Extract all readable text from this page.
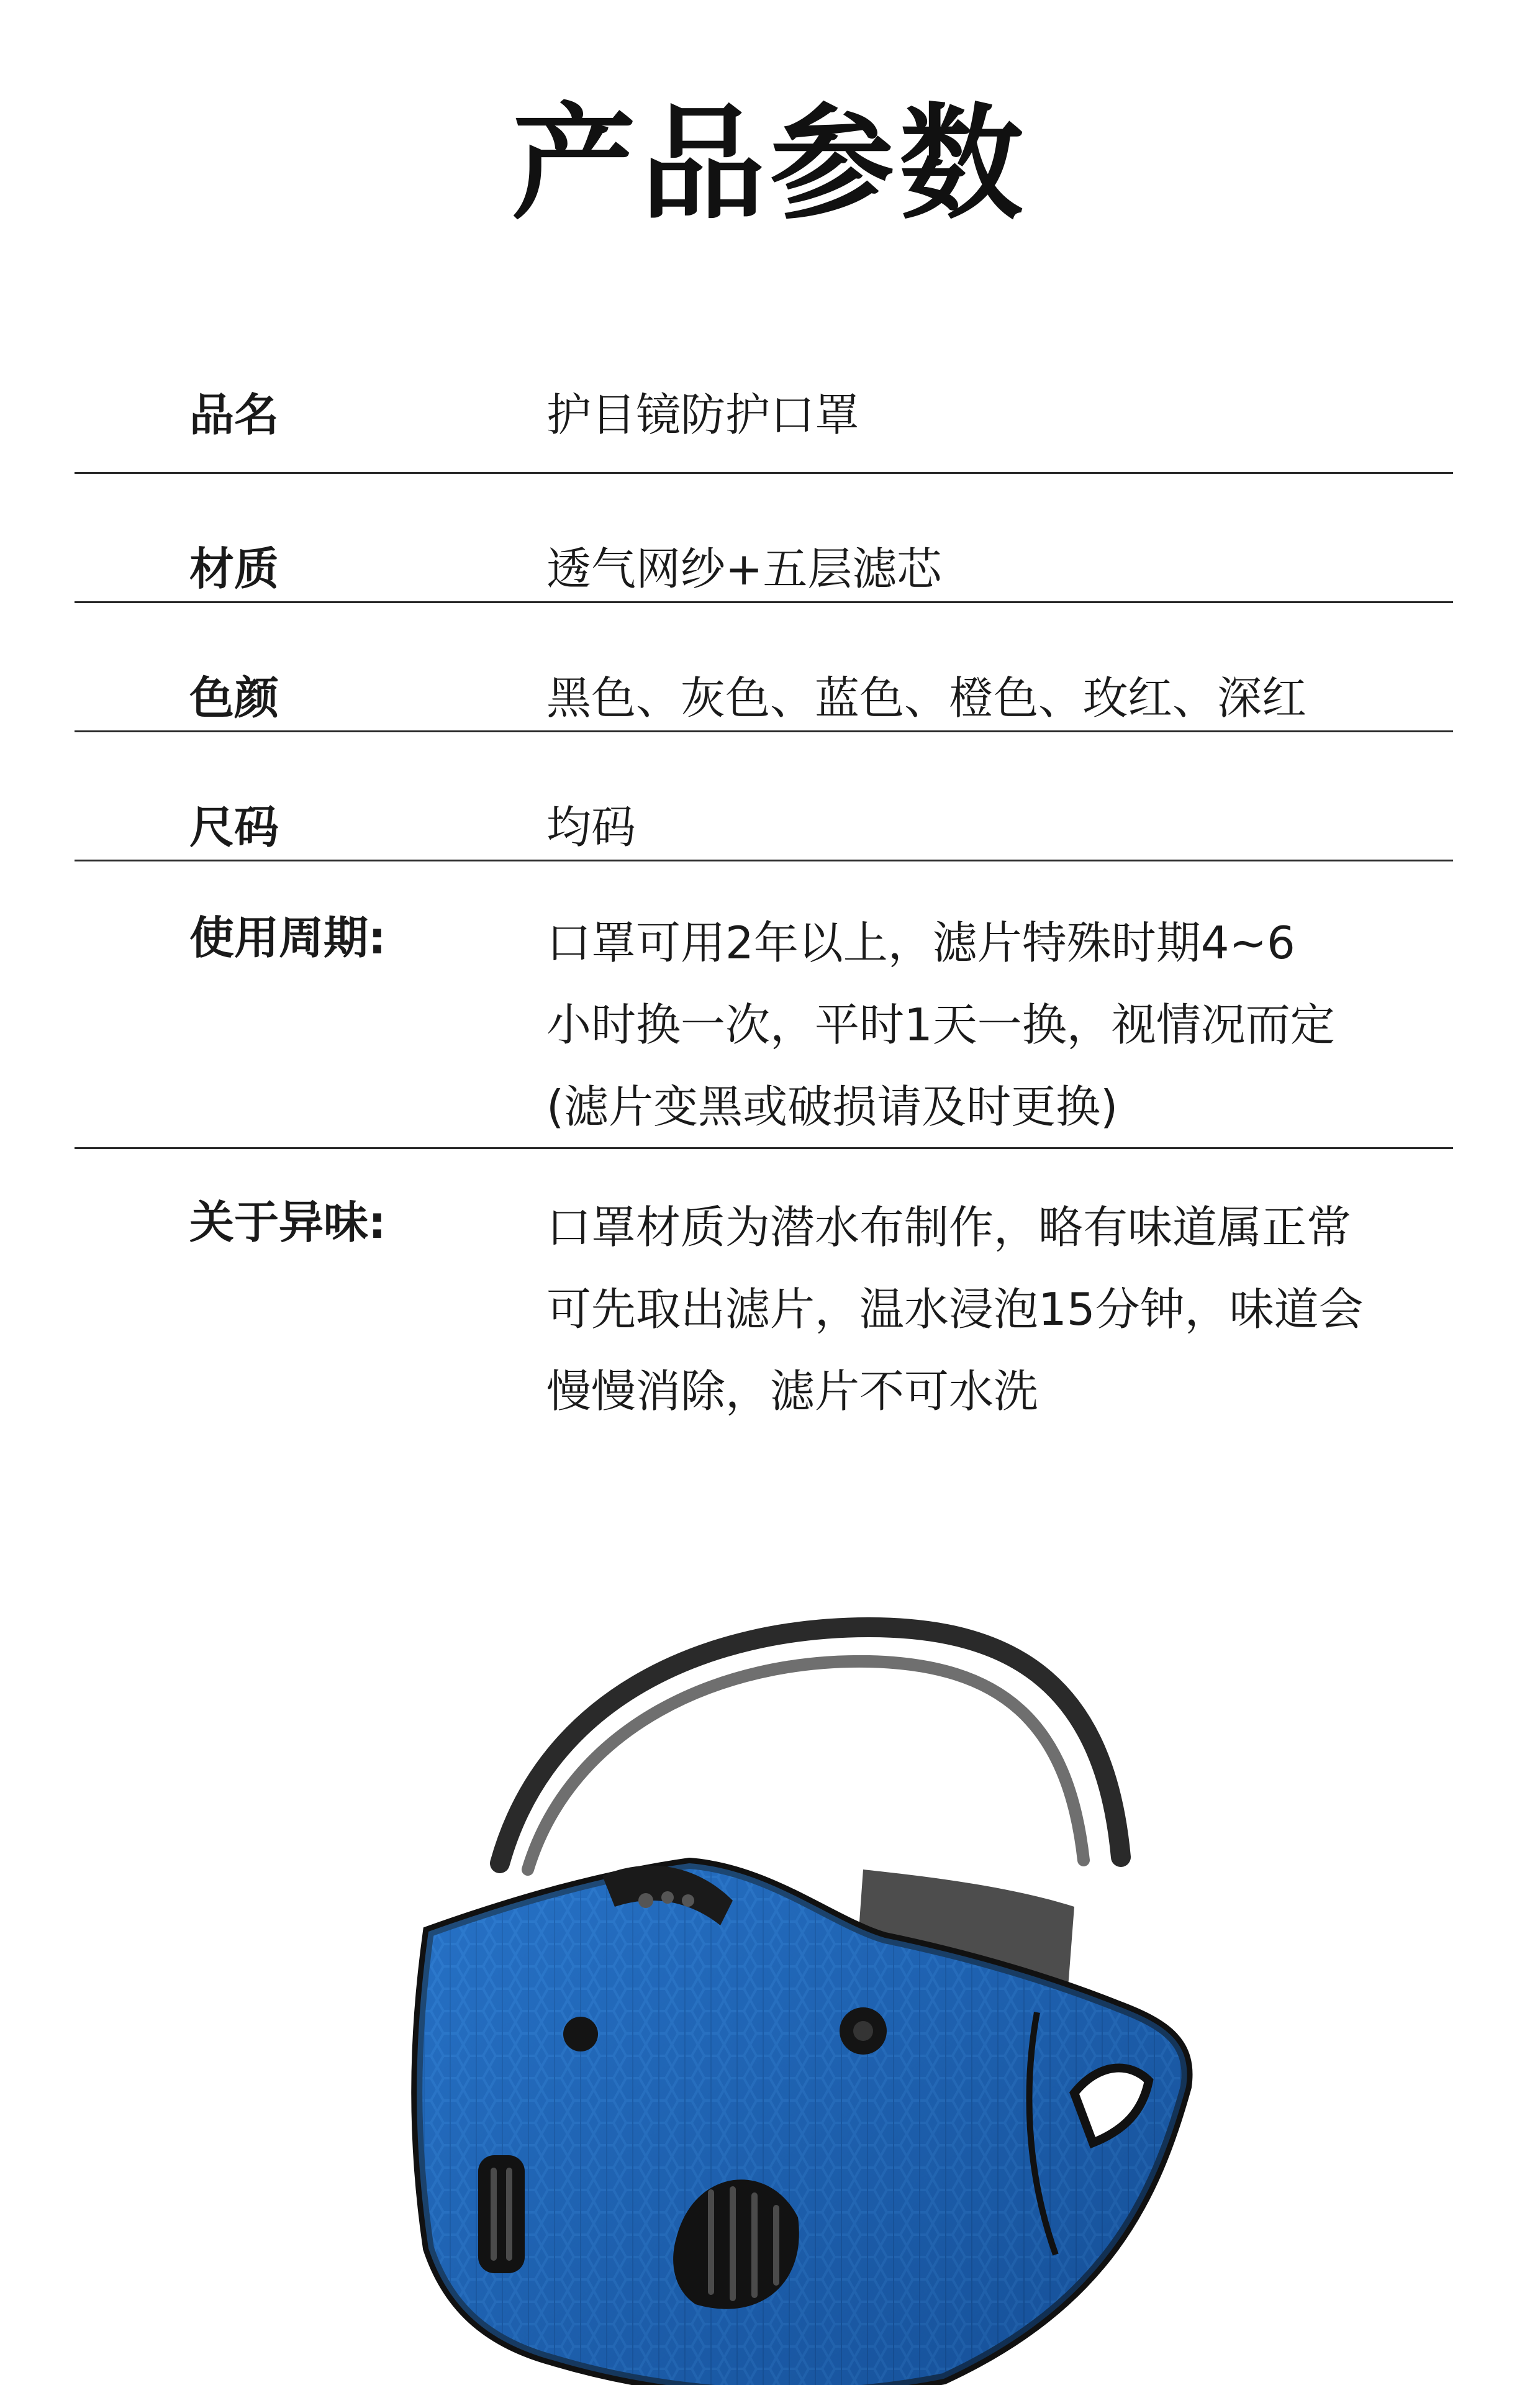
产品参数
品名	护目镜防护口罩
材质	透气网纱+五层滤芯
色颜	黑色、灰色、蓝色、橙色、玫红、深红
尺码	均码
使用周期:	口罩可用2年以上，滤片特殊时期4~6
小时换一次，平时1天一换，视情况而定
(滤片变黑或破损请及时更换)
关于异味:	口罩材质为潜水布制作，略有味道属正常
可先取出滤片，温水浸泡15分钟，味道会
慢慢消除，滤片不可水洗
